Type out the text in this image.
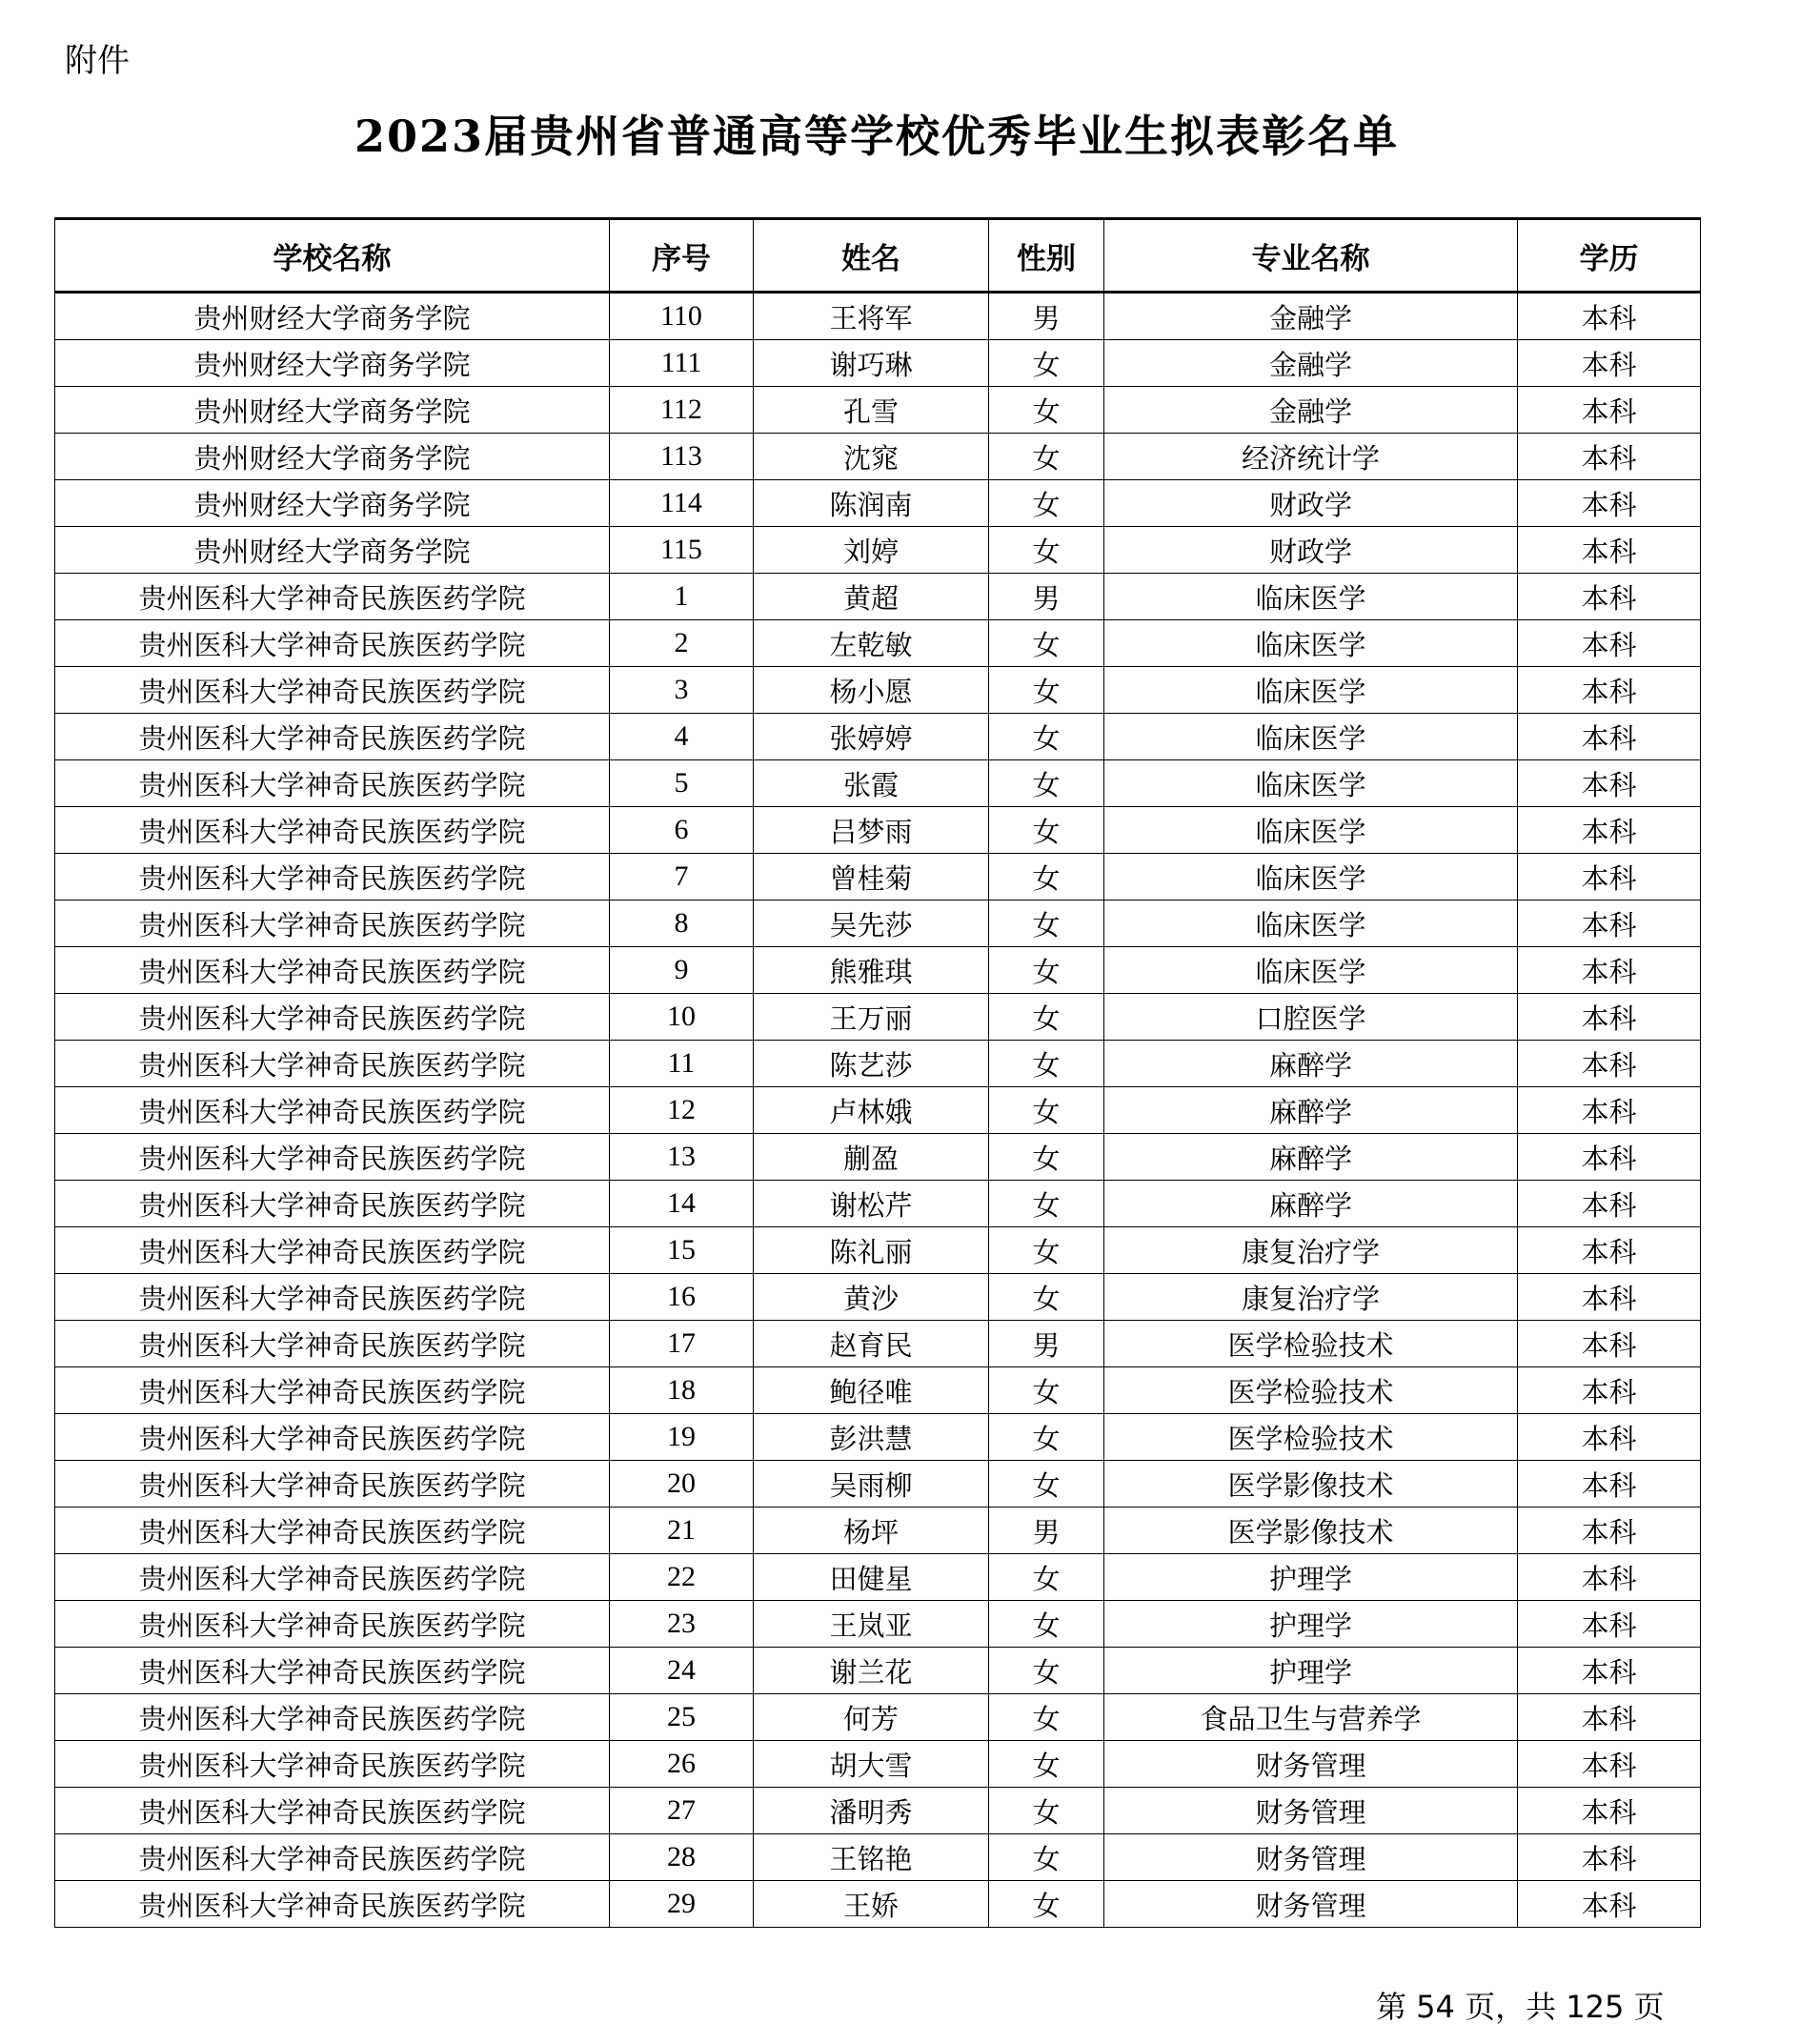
附件
2023届贵州省普通高等学校优秀毕业生拟表彰名单
学校名称	序号	姓名	性别	专业名称	学历
贵州财经大学商务学院	110	王将军	男	金融学	本科
贵州财经大学商务学院	111	谢巧琳	女	金融学	本科
贵州财经大学商务学院	112	孔雪	女	金融学	本科
贵州财经大学商务学院	113	沈窕	女	经济统计学	本科
贵州财经大学商务学院	114	陈润南	女	财政学	本科
贵州财经大学商务学院	115	刘婷	女	财政学	本科
贵州医科大学神奇民族医药学院	1	黄超	男	临床医学	本科
贵州医科大学神奇民族医药学院	2	左乾敏	女	临床医学	本科
贵州医科大学神奇民族医药学院	3	杨小愿	女	临床医学	本科
贵州医科大学神奇民族医药学院	4	张婷婷	女	临床医学	本科
贵州医科大学神奇民族医药学院	5	张霞	女	临床医学	本科
贵州医科大学神奇民族医药学院	6	吕梦雨	女	临床医学	本科
贵州医科大学神奇民族医药学院	7	曾桂菊	女	临床医学	本科
贵州医科大学神奇民族医药学院	8	吴先莎	女	临床医学	本科
贵州医科大学神奇民族医药学院	9	熊雅琪	女	临床医学	本科
贵州医科大学神奇民族医药学院	10	王万丽	女	口腔医学	本科
贵州医科大学神奇民族医药学院	11	陈艺莎	女	麻醉学	本科
贵州医科大学神奇民族医药学院	12	卢林娥	女	麻醉学	本科
贵州医科大学神奇民族医药学院	13	蒯盈	女	麻醉学	本科
贵州医科大学神奇民族医药学院	14	谢松芹	女	麻醉学	本科
贵州医科大学神奇民族医药学院	15	陈礼丽	女	康复治疗学	本科
贵州医科大学神奇民族医药学院	16	黄沙	女	康复治疗学	本科
贵州医科大学神奇民族医药学院	17	赵育民	男	医学检验技术	本科
贵州医科大学神奇民族医药学院	18	鲍径唯	女	医学检验技术	本科
贵州医科大学神奇民族医药学院	19	彭洪慧	女	医学检验技术	本科
贵州医科大学神奇民族医药学院	20	吴雨柳	女	医学影像技术	本科
贵州医科大学神奇民族医药学院	21	杨坪	男	医学影像技术	本科
贵州医科大学神奇民族医药学院	22	田健星	女	护理学	本科
贵州医科大学神奇民族医药学院	23	王岚亚	女	护理学	本科
贵州医科大学神奇民族医药学院	24	谢兰花	女	护理学	本科
贵州医科大学神奇民族医药学院	25	何芳	女	食品卫生与营养学	本科
贵州医科大学神奇民族医药学院	26	胡大雪	女	财务管理	本科
贵州医科大学神奇民族医药学院	27	潘明秀	女	财务管理	本科
贵州医科大学神奇民族医药学院	28	王铭艳	女	财务管理	本科
贵州医科大学神奇民族医药学院	29	王娇	女	财务管理	本科
第 54 页，共 125 页
